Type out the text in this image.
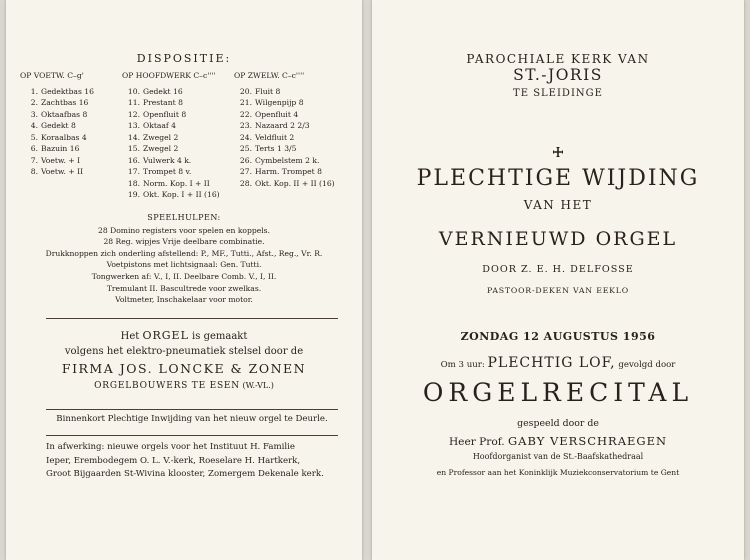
DISPOSITIE:
OP VOETW. C–g'
1. Gedektbas 16
2. Zachtbas 16
3. Oktaafbas 8
4. Gedekt 8
5. Koraalbas 4
6. Bazuin 16
7. Voetw. + I
8. Voetw. + II
OP HOOFDWERK C–c''''
10. Gedekt 16
11. Prestant 8
12. Openfluit 8
13. Oktaaf 4
14. Zwegel 2
15. Zwegel 2
16. Vulwerk 4 k.
17. Trompet 8 v.
18. Norm. Kop. I + II
19. Okt. Kop. I + II (16)
OP ZWELW. C–c''''
20. Fluit 8
21. Wilgenpijp 8
22. Openfluit 4
23. Nazaard 2 2/3
24. Veldfluit 2
25. Terts 1 3/5
26. Cymbelstem 2 k.
27. Harm. Trompet 8
28. Okt. Kop. II + II (16)
SPEELHULPEN:
28 Domino registers voor spelen en koppels.
28 Reg. wipjes Vrije deelbare combinatie.
Drukknoppen zich onderling afstellend: P., MF., Tutti., Afst., Reg., Vr. R.
Voetpistons met lichtsignaal: Gen. Tutti.
Tongwerken af: V., I, II. Deelbare Comb. V., I, II.
Tremulant II. Bascultrede voor zwelkas.
Voltmeter, Inschakelaar voor motor.
Het ORGEL is gemaakt
volgens het elektro-pneumatiek stelsel door de
FIRMA JOS. LONCKE & ZONEN
ORGELBOUWERS TE ESEN (W.-VL.)
Binnenkort Plechtige Inwijding van het nieuw orgel te Deurle.
In afwerking: nieuwe orgels voor het Instituut H. Familie
Ieper, Erembodegem O. L. V.-kerk, Roeselare H. Hartkerk,
Groot Bijgaarden St-Wivina klooster, Zomergem Dekenale kerk.
PAROCHIALE KERK VAN
ST.-JORIS
TE SLEIDINGE
PLECHTIGE WIJDING
VAN HET
VERNIEUWD ORGEL
DOOR Z. E. H. DELFOSSE
PASTOOR-DEKEN VAN EEKLO
ZONDAG 12 AUGUSTUS 1956
Om 3 uur: PLECHTIG LOF, gevolgd door
ORGELRECITAL
gespeeld door de
Heer Prof. GABY VERSCHRAEGEN
Hoofdorganist van de St.-Baafskathedraal
en Professor aan het Koninklijk Muziekconservatorium te Gent
